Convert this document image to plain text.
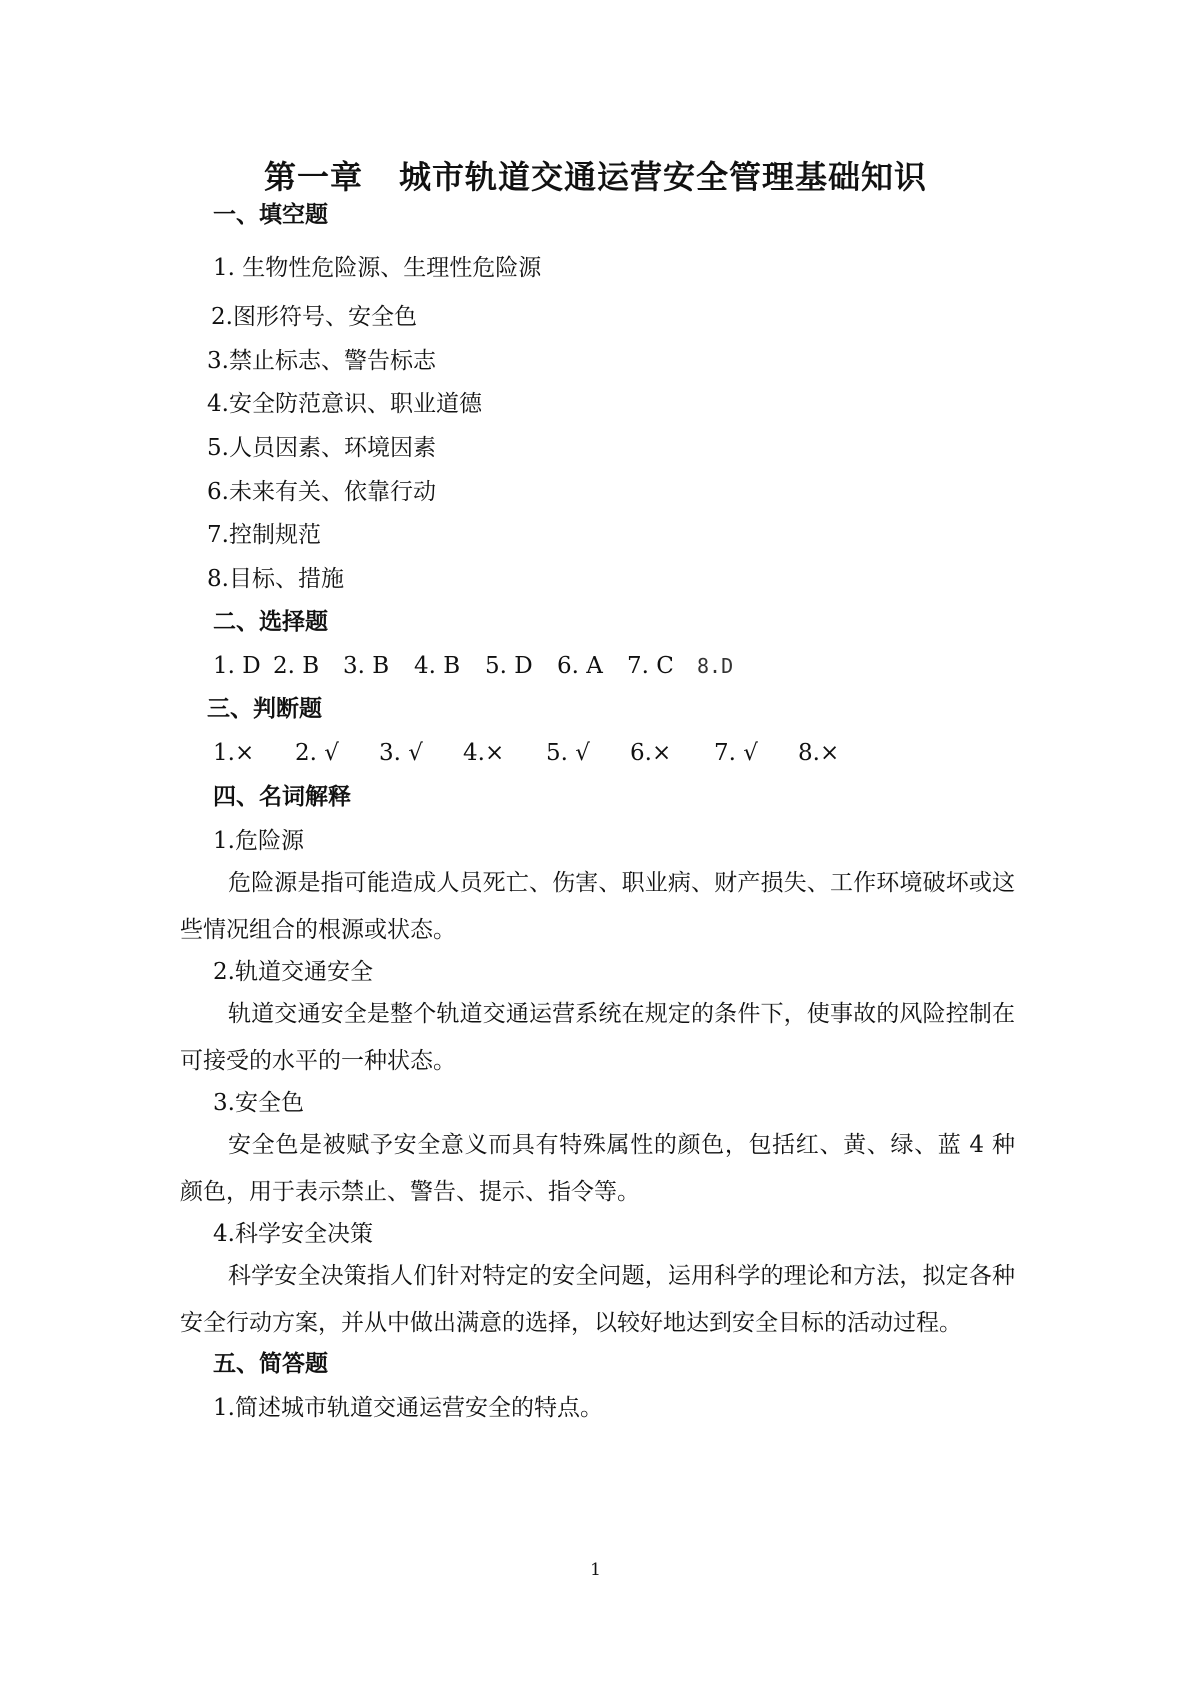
第一章 城市轨道交通运营安全管理基础知识
一、填空题
1. 生物性危险源、生理性危险源
2.图形符号、安全色
3.禁止标志、警告标志
4.安全防范意识、职业道德
5.人员因素、环境因素
6.未来有关、依靠行动
7.控制规范
8.目标、措施
二、选择题
1. D 2. B 3. B 4. B 5. D 6. A 7. C 8.D
三、判断题
1.× 2. √ 3. √ 4.× 5. √ 6.× 7. √ 8.×
四、名词解释
1.危险源
危险源是指可能造成人员死亡、伤害、职业病、财产损失、工作环境破坏或这些情况组合的根源或状态。
2.轨道交通安全
轨道交通安全是整个轨道交通运营系统在规定的条件下，使事故的风险控制在可接受的水平的一种状态。
3.安全色
安全色是被赋予安全意义而具有特殊属性的颜色，包括红、黄、绿、蓝 4 种颜色，用于表示禁止、警告、提示、指令等。
4.科学安全决策
科学安全决策指人们针对特定的安全问题，运用科学的理论和方法，拟定各种安全行动方案，并从中做出满意的选择，以较好地达到安全目标的活动过程。
五、简答题
1.简述城市轨道交通运营安全的特点。
1
